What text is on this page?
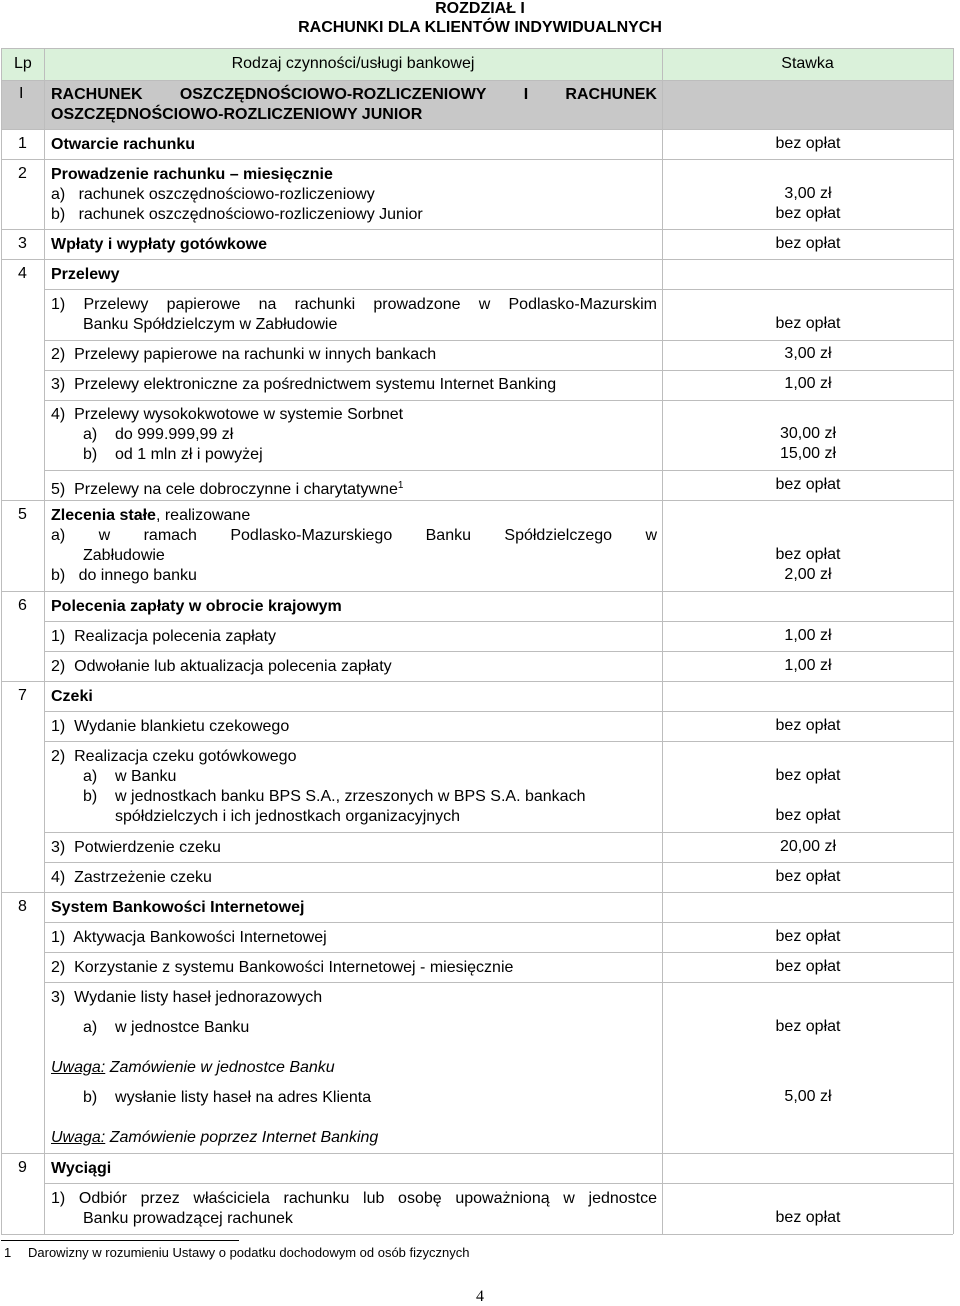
ROZDZIAŁ I
RACHUNKI DLA KLIENTÓW INDYWIDUALNYCH
Lp	Rodzaj czynności/usługi bankowej	Stawka
I RACHUNEK OSZCZĘDNOŚCIOWO-ROZLICZENIOWY I RACHUNEK
OSZCZĘDNOŚCIOWO-ROZLICZENIOWY JUNIOR
1 Otwarcie rachunku	bez opłat
2 Prowadzenie rachunku – miesięcznie
a)   rachunek oszczędnościowo-rozliczeniowy	3,00 zł
b)   rachunek oszczędnościowo-rozliczeniowy Junior	bez opłat
3 Wpłaty i wypłaty gotówkowe	bez opłat
4 Przelewy
1)  Przelewy  papierowe  na  rachunki  prowadzone  w  Podlasko-Mazurskim
Banku Spółdzielczym w Zabłudowie	bez opłat
2)  Przelewy papierowe na rachunki w innych bankach	3,00 zł
3)  Przelewy elektroniczne za pośrednictwem systemu Internet Banking	1,00 zł
4)  Przelewy wysokokwotowe w systemie Sorbnet
a)    do 999.999,99 zł	30,00 zł
b)    od 1 mln zł i powyżej	15,00 zł
5)  Przelewy na cele dobroczynne i charytatywne$^1$	bez opłat
5 Zlecenia stałe, realizowane
a)   w   ramach   Podlasko-Mazurskiego   Banku   Spółdzielczego   w
Zabłudowie	bez opłat
b)   do innego banku	2,00 zł
6 Polecenia zapłaty w obrocie krajowym
1)  Realizacja polecenia zapłaty	1,00 zł
2)  Odwołanie lub aktualizacja polecenia zapłaty	1,00 zł
7 Czeki
1)  Wydanie blankietu czekowego	bez opłat
2)  Realizacja czeku gotówkowego
a)    w Banku	bez opłat
b)    w jednostkach banku BPS S.A., zrzeszonych w BPS S.A. bankach
spółdzielczych i ich jednostkach organizacyjnych	bez opłat
3)  Potwierdzenie czeku	20,00 zł
4)  Zastrzeżenie czeku	bez opłat
8 System Bankowości Internetowej
1)  Aktywacja Bankowości Internetowej	bez opłat
2)  Korzystanie z systemu Bankowości Internetowej - miesięcznie	bez opłat
3)  Wydanie listy haseł jednorazowych
a)    w jednostce Banku	bez opłat
Uwaga: Zamówienie w jednostce Banku
b)    wysłanie listy haseł na adres Klienta	5,00 zł
Uwaga: Zamówienie poprzez Internet Banking
9 Wyciągi
1)  Odbiór  przez  właściciela  rachunku  lub  osobę  upoważnioną  w  jednostce
Banku prowadzącej rachunek	bez opłat
1 Darowizny w rozumieniu Ustawy o podatku dochodowym od osób fizycznych
4
